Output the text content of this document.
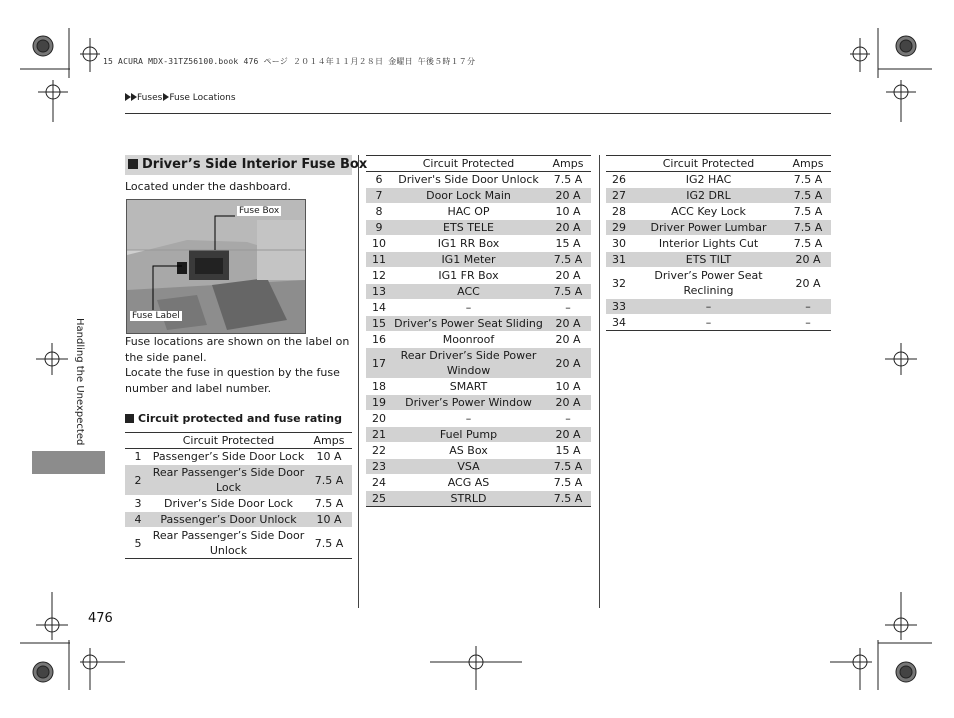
15 ACURA MDX-31TZ56100.book 476 ページ ２０１４年１１月２８日 金曜日 午後５時１７分
Fuses Fuse Locations
Handling the Unexpected
476
Driver’s Side Interior Fuse Box
Located under the dashboard.
Fuse Box
Fuse Label
Fuse locations are shown on the label on the side panel.
Locate the fuse in question by the fuse number and label number.
Circuit protected and fuse rating
	Circuit Protected	Amps
1	Passenger’s Side Door Lock	10 A
2	Rear Passenger’s Side Door Lock	7.5 A
3	Driver’s Side Door Lock	7.5 A
4	Passenger’s Door Unlock	10 A
5	Rear Passenger’s Side Door Unlock	7.5 A
	Circuit Protected	Amps
6	Driver's Side Door Unlock	7.5 A
7	Door Lock Main	20 A
8	HAC OP	10 A
9	ETS TELE	20 A
10	IG1 RR Box	15 A
11	IG1 Meter	7.5 A
12	IG1 FR Box	20 A
13	ACC	7.5 A
14	–	–
15	Driver’s Power Seat Sliding	20 A
16	Moonroof	20 A
17	Rear Driver’s Side Power Window	20 A
18	SMART	10 A
19	Driver’s Power Window	20 A
20	–	–
21	Fuel Pump	20 A
22	AS Box	15 A
23	VSA	7.5 A
24	ACG AS	7.5 A
25	STRLD	7.5 A
	Circuit Protected	Amps
26	IG2 HAC	7.5 A
27	IG2 DRL	7.5 A
28	ACC Key Lock	7.5 A
29	Driver Power Lumbar	7.5 A
30	Interior Lights Cut	7.5 A
31	ETS TILT	20 A
32	Driver’s Power Seat Reclining	20 A
33	–	–
34	–	–
